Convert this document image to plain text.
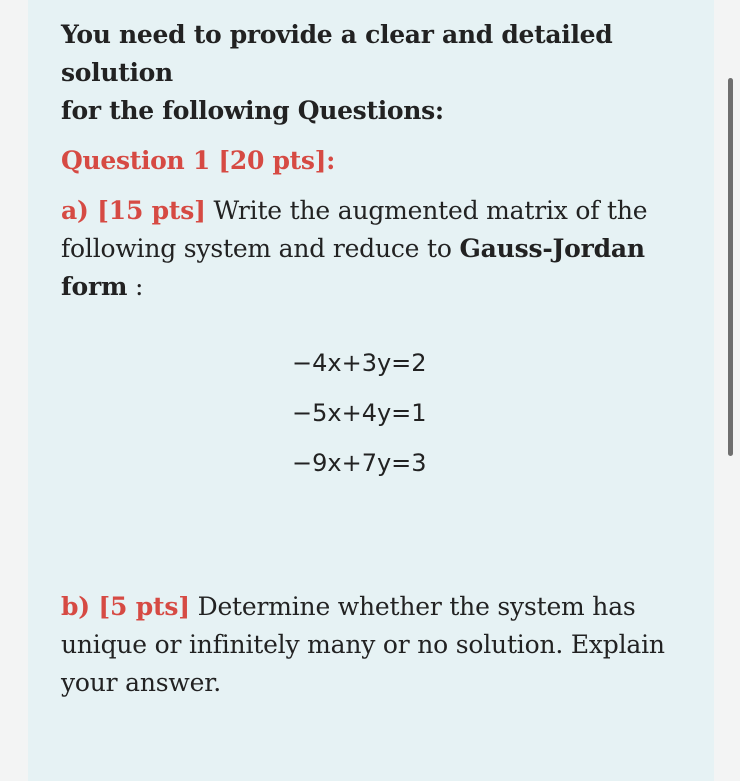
You need to provide a clear and detailed solution
for the following Questions:

Question 1 [20 pts]:

a) [15 pts] Write the augmented matrix of the following system and reduce to Gauss-Jordan form :

−4x+3y=2
−5x+4y=1
−9x+7y=3

b) [5 pts] Determine whether the system has unique or infinitely many or no solution. Explain your answer.
